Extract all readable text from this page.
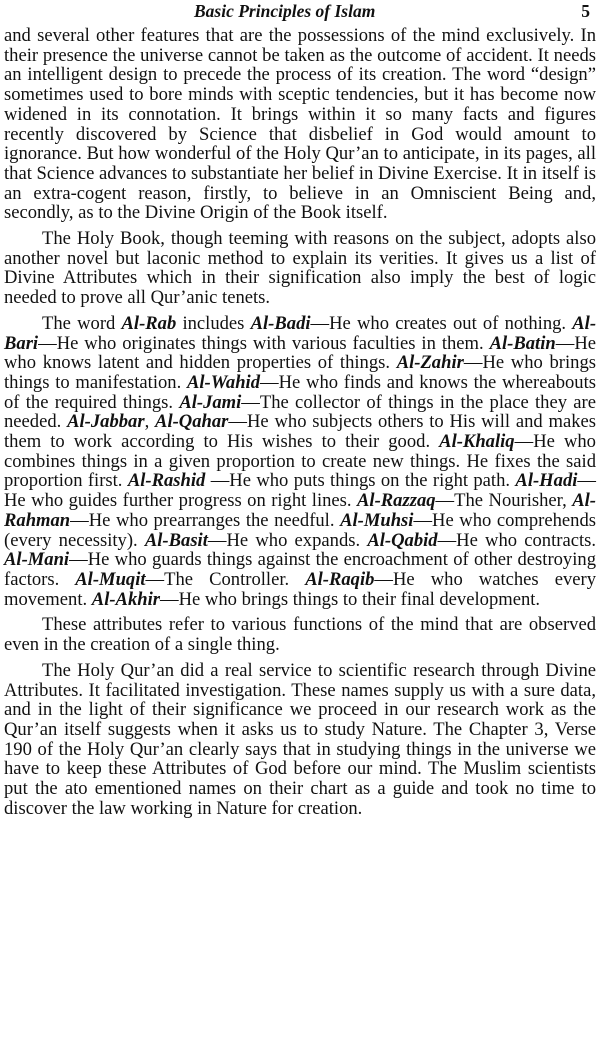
Basic Principles of Islam	5

and several other features that are the possessions of the mind exclusively. In their presence the universe cannot be taken as the outcome of accident. It needs an intelligent design to precede the process of its creation. The word “design” sometimes used to bore minds with sceptic tendencies, but it has become now widened in its connotation. It brings within it so many facts and figures recently discovered by Science that disbelief in God would amount to ignorance. But how wonderful of the Holy Qur’an to anticipate, in its pages, all that Science advances to substantiate her belief in Divine Exercise. It in itself is an extra-cogent reason, firstly, to believe in an Omniscient Being and, secondly, as to the Divine Origin of the Book itself.

The Holy Book, though teeming with reasons on the subject, adopts also another novel but laconic method to explain its verities. It gives us a list of Divine Attributes which in their signification also imply the best of logic needed to prove all Qur’anic tenets.

The word Al-Rab includes Al-Badi—He who creates out of nothing. Al-Bari—He who originates things with various faculties in them. Al-Batin—He who knows latent and hidden properties of things. Al-Zahir—He who brings things to manifestation. Al-Wahid—He who finds and knows the whereabouts of the required things. Al-Jami—The collector of things in the place they are needed. Al-Jabbar, Al-Qahar—He who subjects others to His will and makes them to work according to His wishes to their good. Al-Khaliq—He who combines things in a given proportion to create new things. He fixes the said proportion first. Al-Rashid —He who puts things on the right path. Al-Hadi—He who guides further progress on right lines. Al-Razzaq—The Nourisher, Al-Rahman—He who prearranges the needful. Al-Muhsi—He who comprehends (every necessity). Al-Basit—He who expands. Al-Qabid—He who contracts. Al-Mani—He who guards things against the encroachment of other destroying factors. Al-Muqit—The Controller. Al-Raqib—He who watches every movement. Al-Akhir—He who brings things to their final development.

These attributes refer to various functions of the mind that are observed even in the creation of a single thing.

The Holy Qur’an did a real service to scientific research through Divine Attributes. It facilitated investigation. These names supply us with a sure data, and in the light of their significance we proceed in our research work as the Qur’an itself suggests when it asks us to study Nature. The Chapter 3, Verse 190 of the Holy Qur’an clearly says that in studying things in the universe we have to keep these Attributes of God before our mind. The Muslim scientists put the ato ementioned names on their chart as a guide and took no time to discover the law working in Nature for creation.
